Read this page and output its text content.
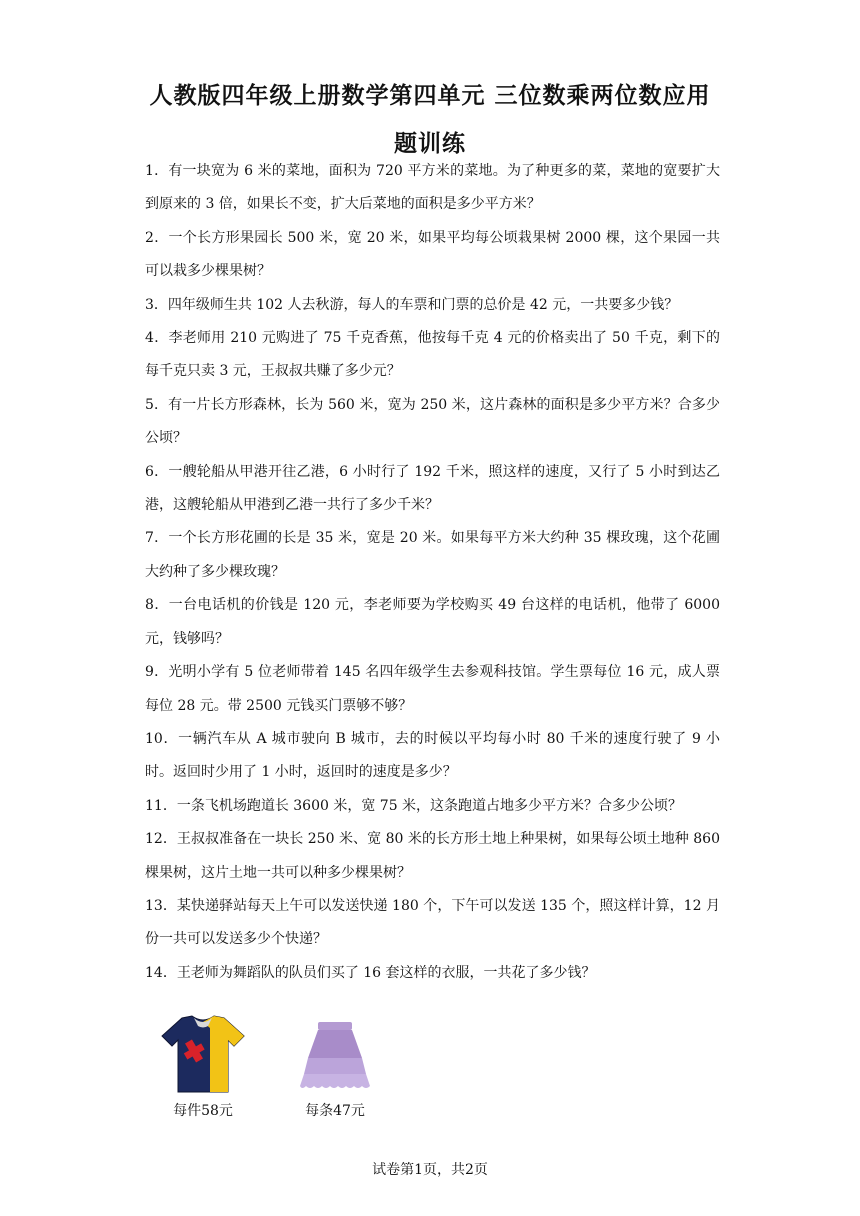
人教版四年级上册数学第四单元 三位数乘两位数应用题训练

1．有一块宽为 6 米的菜地，面积为 720 平方米的菜地。为了种更多的菜，菜地的宽要扩大到原来的 3 倍，如果长不变，扩大后菜地的面积是多少平方米？

2．一个长方形果园长 500 米，宽 20 米，如果平均每公顷栽果树 2000 棵，这个果园一共可以栽多少棵果树？

3．四年级师生共 102 人去秋游，每人的车票和门票的总价是 42 元，一共要多少钱？

4．李老师用 210 元购进了 75 千克香蕉，他按每千克 4 元的价格卖出了 50 千克，剩下的每千克只卖 3 元，王叔叔共赚了多少元？

5．有一片长方形森林，长为 560 米，宽为 250 米，这片森林的面积是多少平方米？合多少公顷？

6．一艘轮船从甲港开往乙港，6 小时行了 192 千米，照这样的速度，又行了 5 小时到达乙港，这艘轮船从甲港到乙港一共行了多少千米？

7．一个长方形花圃的长是 35 米，宽是 20 米。如果每平方米大约种 35 棵玫瑰，这个花圃大约种了多少棵玫瑰？

8．一台电话机的价钱是 120 元，李老师要为学校购买 49 台这样的电话机，他带了 6000 元，钱够吗？

9．光明小学有 5 位老师带着 145 名四年级学生去参观科技馆。学生票每位 16 元，成人票每位 28 元。带 2500 元钱买门票够不够？

10．一辆汽车从 A 城市驶向 B 城市，去的时候以平均每小时 80 千米的速度行驶了 9 小时。返回时少用了 1 小时，返回时的速度是多少？

11．一条飞机场跑道长 3600 米，宽 75 米，这条跑道占地多少平方米？合多少公顷？

12．王叔叔准备在一块长 250 米、宽 80 米的长方形土地上种果树，如果每公顷土地种 860 棵果树，这片土地一共可以种多少棵果树？

13．某快递驿站每天上午可以发送快递 180 个，下午可以发送 135 个，照这样计算，12 月份一共可以发送多少个快递？

14．王老师为舞蹈队的队员们买了 16 套这样的衣服，一共花了多少钱？

每件58元	每条47元
试卷第1页，共2页
